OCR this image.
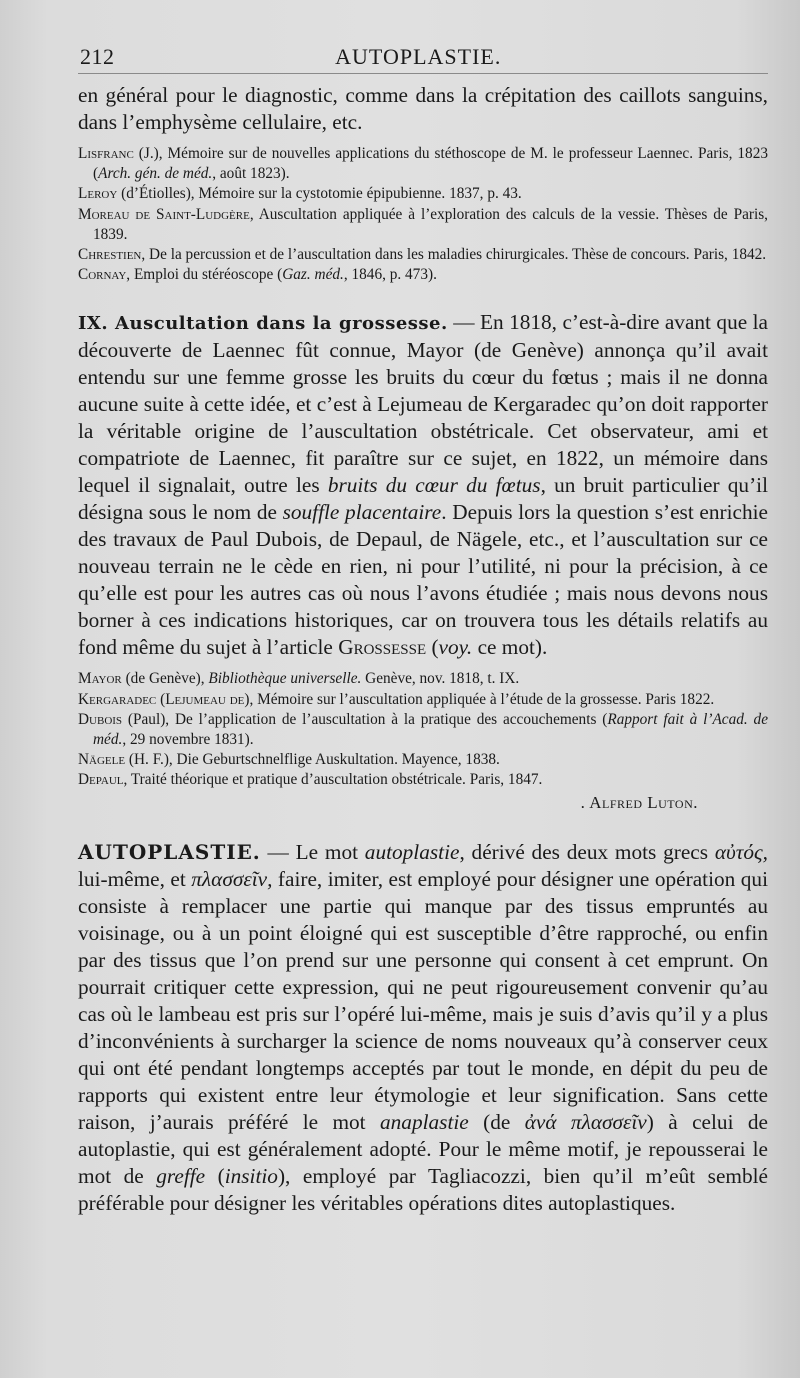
212	AUTOPLASTIE.

en général pour le diagnostic, comme dans la crépitation des caillots sanguins, dans l’emphysème cellulaire, etc.

Lisfranc (J.), Mémoire sur de nouvelles applications du stéthoscope de M. le professeur Laennec. Paris, 1823 (Arch. gén. de méd., août 1823).
Leroy (d’Étiolles), Mémoire sur la cystotomie épipubienne. 1837, p. 43.
Moreau de Saint-Ludgère, Auscultation appliquée à l’exploration des calculs de la vessie. Thèses de Paris, 1839.
Chrestien, De la percussion et de l’auscultation dans les maladies chirurgicales. Thèse de concours. Paris, 1842.
Cornay, Emploi du stéréoscope (Gaz. méd., 1846, p. 473).

IX. Auscultation dans la grossesse. — En 1818, c’est-à-dire avant que la découverte de Laennec fût connue, Mayor (de Genève) annonça qu’il avait entendu sur une femme grosse les bruits du cœur du fœtus ; mais il ne donna aucune suite à cette idée, et c’est à Lejumeau de Kergaradec qu’on doit rapporter la véritable origine de l’auscultation obstétricale. Cet observateur, ami et compatriote de Laennec, fit paraître sur ce sujet, en 1822, un mémoire dans lequel il signalait, outre les bruits du cœur du fœtus, un bruit particulier qu’il désigna sous le nom de souffle placentaire. Depuis lors la question s’est enrichie des travaux de Paul Dubois, de Depaul, de Nägele, etc., et l’auscultation sur ce nouveau terrain ne le cède en rien, ni pour l’utilité, ni pour la précision, à ce qu’elle est pour les autres cas où nous l’avons étudiée ; mais nous devons nous borner à ces indications historiques, car on trouvera tous les détails relatifs au fond même du sujet à l’article Grossesse (voy. ce mot).

Mayor (de Genève), Bibliothèque universelle. Genève, nov. 1818, t. IX.
Kergaradec (Lejumeau de), Mémoire sur l’auscultation appliquée à l’étude de la grossesse. Paris 1822.
Dubois (Paul), De l’application de l’auscultation à la pratique des accouchements (Rapport fait à l’Acad. de méd., 29 novembre 1831).
Nägele (H. F.), Die Geburtschnelflige Auskultation. Mayence, 1838.
Depaul, Traité théorique et pratique d’auscultation obstétricale. Paris, 1847.
. Alfred Luton.

AUTOPLASTIE. — Le mot autoplastie, dérivé des deux mots grecs αὐτός, lui-même, et πλασσεῖν, faire, imiter, est employé pour désigner une opération qui consiste à remplacer une partie qui manque par des tissus empruntés au voisinage, ou à un point éloigné qui est susceptible d’être rapproché, ou enfin par des tissus que l’on prend sur une personne qui consent à cet emprunt. On pourrait critiquer cette expression, qui ne peut rigoureusement convenir qu’au cas où le lambeau est pris sur l’opéré lui-même, mais je suis d’avis qu’il y a plus d’inconvénients à surcharger la science de noms nouveaux qu’à conserver ceux qui ont été pendant longtemps acceptés par tout le monde, en dépit du peu de rapports qui existent entre leur étymologie et leur signification. Sans cette raison, j’aurais préféré le mot anaplastie (de ἀνά πλασσεῖν) à celui de autoplastie, qui est généralement adopté. Pour le même motif, je repousserai le mot de greffe (insitio), employé par Tagliacozzi, bien qu’il m’eût semblé préférable pour désigner les véritables opérations dites autoplastiques.
